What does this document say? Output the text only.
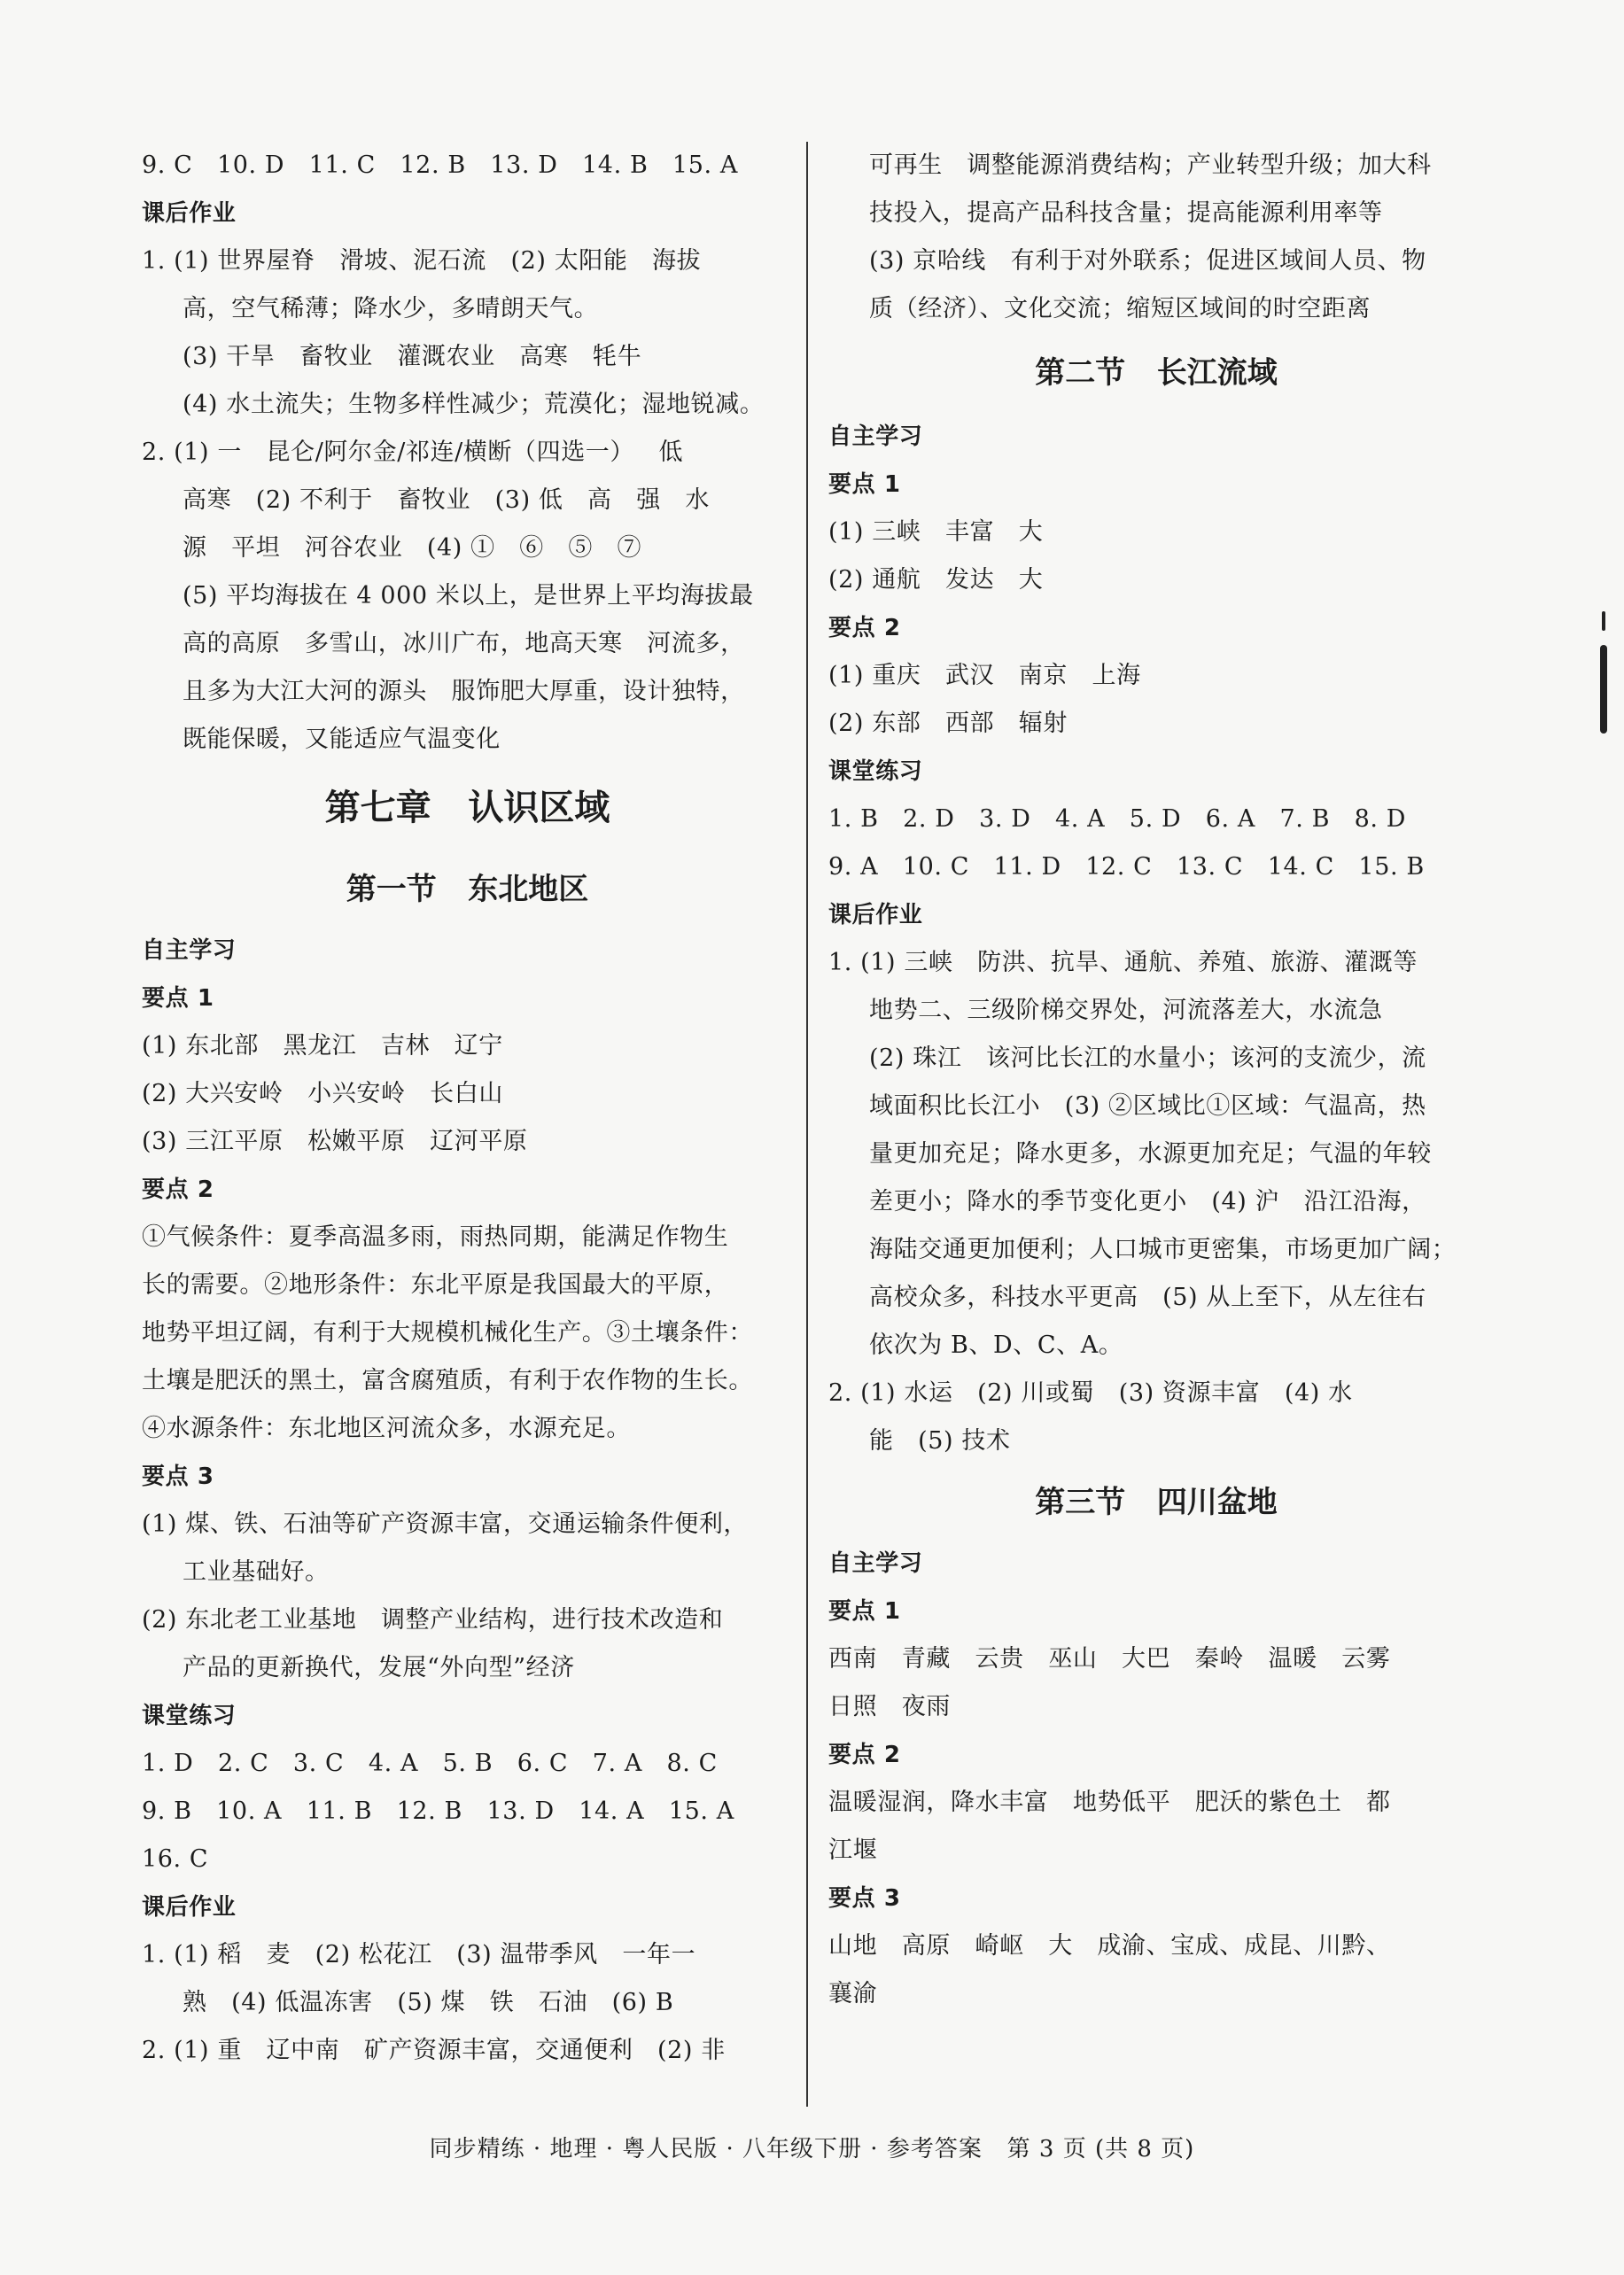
9. C   10. D   11. C   12. B   13. D   14. B   15. A
课后作业
1. (1) 世界屋脊   滑坡、泥石流   (2) 太阳能   海拔
高，空气稀薄；降水少，多晴朗天气。
(3) 干旱   畜牧业   灌溉农业   高寒   牦牛
(4) 水土流失；生物多样性减少；荒漠化；湿地锐减。
2. (1) 一   昆仑/阿尔金/祁连/横断（四选一）   低
高寒   (2) 不利于   畜牧业   (3) 低   高   强   水
源   平坦   河谷农业   (4) ①   ⑥   ⑤   ⑦
(5) 平均海拔在 4 000 米以上，是世界上平均海拔最
高的高原   多雪山，冰川广布，地高天寒   河流多，
且多为大江大河的源头   服饰肥大厚重，设计独特，
既能保暖，又能适应气温变化
第七章   认识区域
第一节   东北地区
自主学习
要点 1
(1) 东北部   黑龙江   吉林   辽宁
(2) 大兴安岭   小兴安岭   长白山
(3) 三江平原   松嫩平原   辽河平原
要点 2
①气候条件：夏季高温多雨，雨热同期，能满足作物生
长的需要。②地形条件：东北平原是我国最大的平原，
地势平坦辽阔，有利于大规模机械化生产。③土壤条件：
土壤是肥沃的黑土，富含腐殖质，有利于农作物的生长。
④水源条件：东北地区河流众多，水源充足。
要点 3
(1) 煤、铁、石油等矿产资源丰富，交通运输条件便利，
工业基础好。
(2) 东北老工业基地   调整产业结构，进行技术改造和
产品的更新换代，发展“外向型”经济
课堂练习
1. D   2. C   3. C   4. A   5. B   6. C   7. A   8. C
9. B   10. A   11. B   12. B   13. D   14. A   15. A
16. C
课后作业
1. (1) 稻   麦   (2) 松花江   (3) 温带季风   一年一
熟   (4) 低温冻害   (5) 煤   铁   石油   (6) B
2. (1) 重   辽中南   矿产资源丰富，交通便利   (2) 非
可再生   调整能源消费结构；产业转型升级；加大科
技投入，提高产品科技含量；提高能源利用率等
(3) 京哈线   有利于对外联系；促进区域间人员、物
质（经济）、文化交流；缩短区域间的时空距离
第二节   长江流域
自主学习
要点 1
(1) 三峡   丰富   大
(2) 通航   发达   大
要点 2
(1) 重庆   武汉   南京   上海
(2) 东部   西部   辐射
课堂练习
1. B   2. D   3. D   4. A   5. D   6. A   7. B   8. D
9. A   10. C   11. D   12. C   13. C   14. C   15. B
课后作业
1. (1) 三峡   防洪、抗旱、通航、养殖、旅游、灌溉等
地势二、三级阶梯交界处，河流落差大，水流急
(2) 珠江   该河比长江的水量小；该河的支流少，流
域面积比长江小   (3) ②区域比①区域：气温高，热
量更加充足；降水更多，水源更加充足；气温的年较
差更小；降水的季节变化更小   (4) 沪   沿江沿海，
海陆交通更加便利；人口城市更密集，市场更加广阔；
高校众多，科技水平更高   (5) 从上至下，从左往右
依次为 B、D、C、A。
2. (1) 水运   (2) 川或蜀   (3) 资源丰富   (4) 水
能   (5) 技术
第三节   四川盆地
自主学习
要点 1
西南   青藏   云贵   巫山   大巴   秦岭   温暖   云雾
日照   夜雨
要点 2
温暖湿润，降水丰富   地势低平   肥沃的紫色土   都
江堰
要点 3
山地   高原   崎岖   大   成渝、宝成、成昆、川黔、
襄渝
同步精练 · 地理 · 粤人民版 · 八年级下册 · 参考答案   第 3 页 (共 8 页)
